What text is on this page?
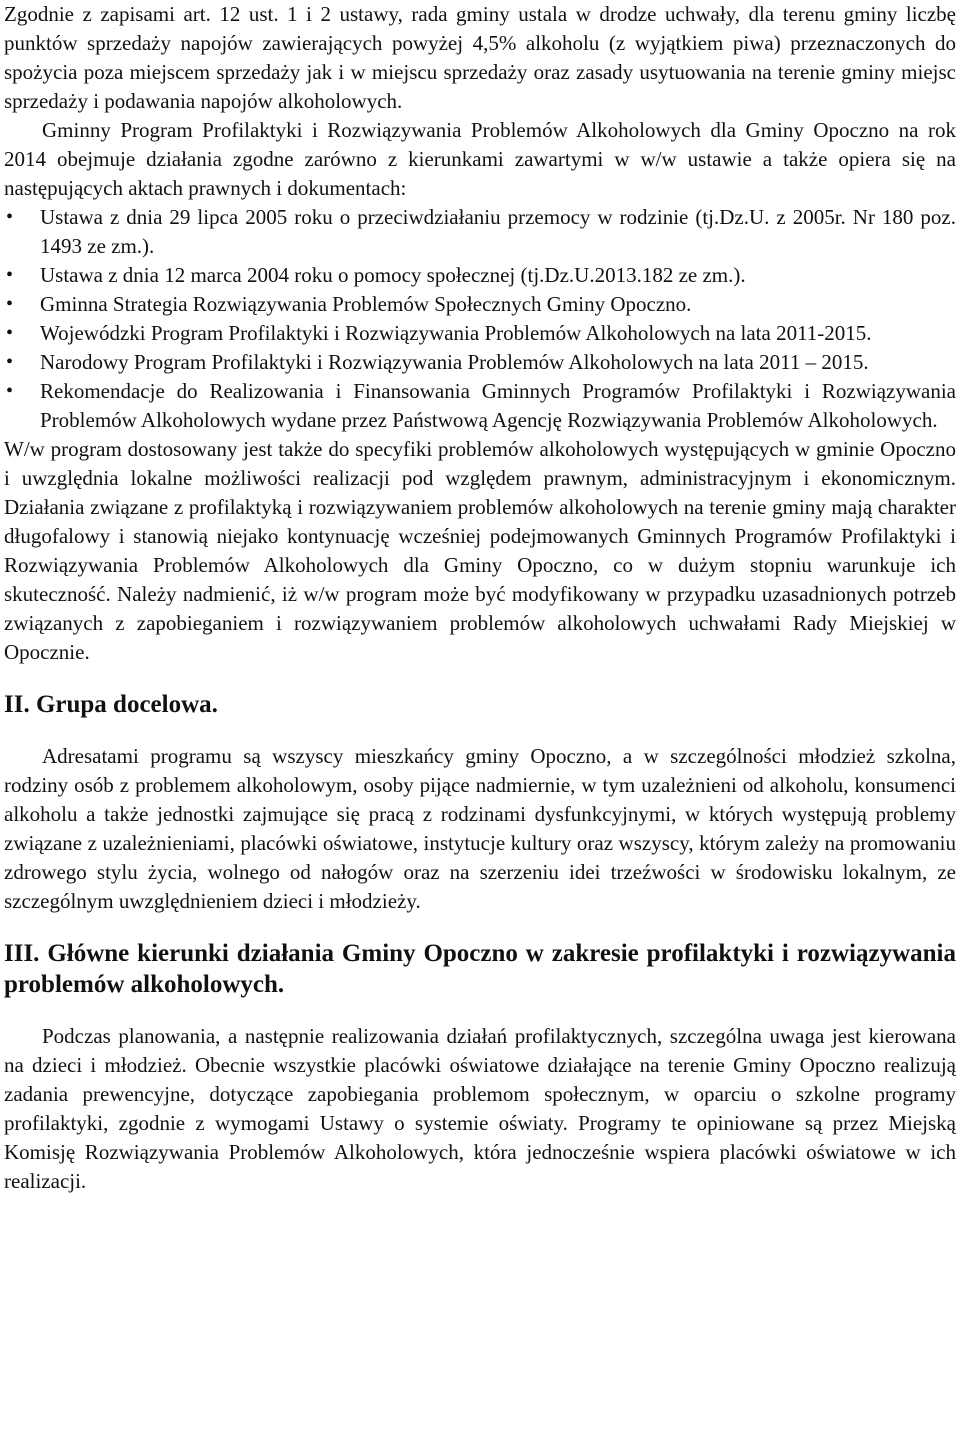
Zgodnie z zapisami art. 12 ust. 1 i 2 ustawy, rada gminy ustala w drodze uchwały, dla terenu gminy liczbę punktów sprzedaży napojów zawierających powyżej 4,5% alkoholu (z wyjątkiem piwa) przeznaczonych do spożycia poza miejscem sprzedaży jak i w miejscu sprzedaży oraz zasady usytuowania na terenie gminy miejsc sprzedaży i podawania napojów alkoholowych.

Gminny Program Profilaktyki i Rozwiązywania Problemów Alkoholowych dla Gminy Opoczno na rok 2014 obejmuje działania zgodne zarówno z kierunkami zawartymi w w/w ustawie a także opiera się na następujących aktach prawnych i dokumentach:

• Ustawa z dnia 29 lipca 2005 roku o przeciwdziałaniu przemocy w rodzinie (tj.Dz.U. z 2005r. Nr 180 poz. 1493 ze zm.).
• Ustawa z dnia 12 marca 2004 roku o pomocy społecznej (tj.Dz.U.2013.182 ze zm.).
• Gminna Strategia Rozwiązywania Problemów Społecznych Gminy Opoczno.
• Wojewódzki Program Profilaktyki i Rozwiązywania Problemów Alkoholowych na lata 2011-2015.
• Narodowy Program Profilaktyki i Rozwiązywania Problemów Alkoholowych na lata 2011 – 2015.
• Rekomendacje do Realizowania i Finansowania Gminnych Programów Profilaktyki i Rozwiązywania Problemów Alkoholowych wydane przez Państwową Agencję Rozwiązywania Problemów Alkoholowych.

W/w program dostosowany jest także do specyfiki problemów alkoholowych występujących w gminie Opoczno i uwzględnia lokalne możliwości realizacji pod względem prawnym, administracyjnym i ekonomicznym. Działania związane z profilaktyką i rozwiązywaniem problemów alkoholowych na terenie gminy mają charakter długofalowy i stanowią niejako kontynuację wcześniej podejmowanych Gminnych Programów Profilaktyki i Rozwiązywania Problemów Alkoholowych dla Gminy Opoczno, co w dużym stopniu warunkuje ich skuteczność. Należy nadmienić, iż w/w program może być modyfikowany w przypadku uzasadnionych potrzeb związanych z zapobieganiem i rozwiązywaniem problemów alkoholowych uchwałami Rady Miejskiej w Opocznie.

II. Grupa docelowa.

Adresatami programu są wszyscy mieszkańcy gminy Opoczno, a w szczególności młodzież szkolna, rodziny osób z problemem alkoholowym, osoby pijące nadmiernie, w tym uzależnieni od alkoholu, konsumenci alkoholu a także jednostki zajmujące się pracą z rodzinami dysfunkcyjnymi, w których występują problemy związane z uzależnieniami, placówki oświatowe, instytucje kultury oraz wszyscy, którym zależy na promowaniu zdrowego stylu życia, wolnego od nałogów oraz na szerzeniu idei trzeźwości w środowisku lokalnym, ze szczególnym uwzględnieniem dzieci i młodzieży.

III. Główne kierunki działania Gminy Opoczno w zakresie profilaktyki i rozwiązywania problemów alkoholowych.

Podczas planowania, a następnie realizowania działań profilaktycznych, szczególna uwaga jest kierowana na dzieci i młodzież. Obecnie wszystkie placówki oświatowe działające na terenie Gminy Opoczno realizują zadania prewencyjne, dotyczące zapobiegania problemom społecznym, w oparciu o szkolne programy profilaktyki, zgodnie z wymogami Ustawy o systemie oświaty. Programy te opiniowane są przez Miejską Komisję Rozwiązywania Problemów Alkoholowych, która jednocześnie wspiera placówki oświatowe w ich realizacji.
